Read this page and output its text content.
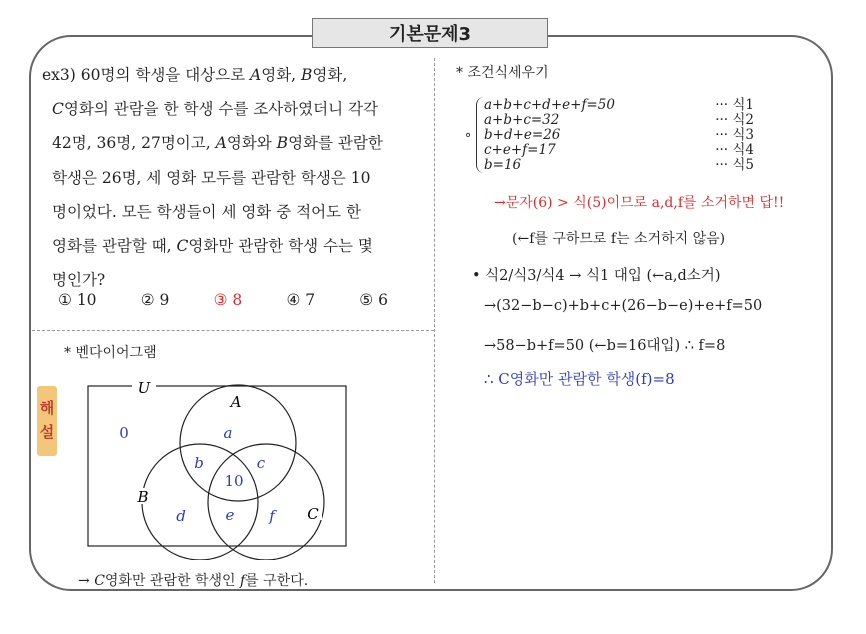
기본문제3
ex3) 60명의 학생을 대상으로 A영화, B영화,
C영화의 관람을 한 학생 수를 조사하였더니 각각
42명, 36명, 27명이고, A영화와 B영화를 관람한
학생은 26명, 세 영화 모두를 관람한 학생은 10
명이었다. 모든 학생들이 세 영화 중 적어도 한
영화를 관람할 때, C영화만 관람한 학생 수는 몇
명인가?
① 10	② 9	③ 8	④ 7	⑤ 6
* 벤다이어그램
해
설
U
A
B
C
0	a
b	c
10
d	e f
→ C영화만 관람한 학생인 f를 구한다.
* 조건식세우기
∘
a+b+c+d+e+f=50	··· 식1
a+b+c=32	··· 식2
b+d+e=26	··· 식3
c+e+f=17	··· 식4
b=16	··· 식5
→문자(6) > 식(5)이므로 a,d,f를 소거하면 답!!
(←f를 구하므로 f는 소거하지 않음)
• 식2/식3/식4 → 식1 대입 (←a,d소거)
→(32−b−c)+b+c+(26−b−e)+e+f=50
→58−b+f=50 (←b=16대입) ∴ f=8
∴ C영화만 관람한 학생(f)=8
